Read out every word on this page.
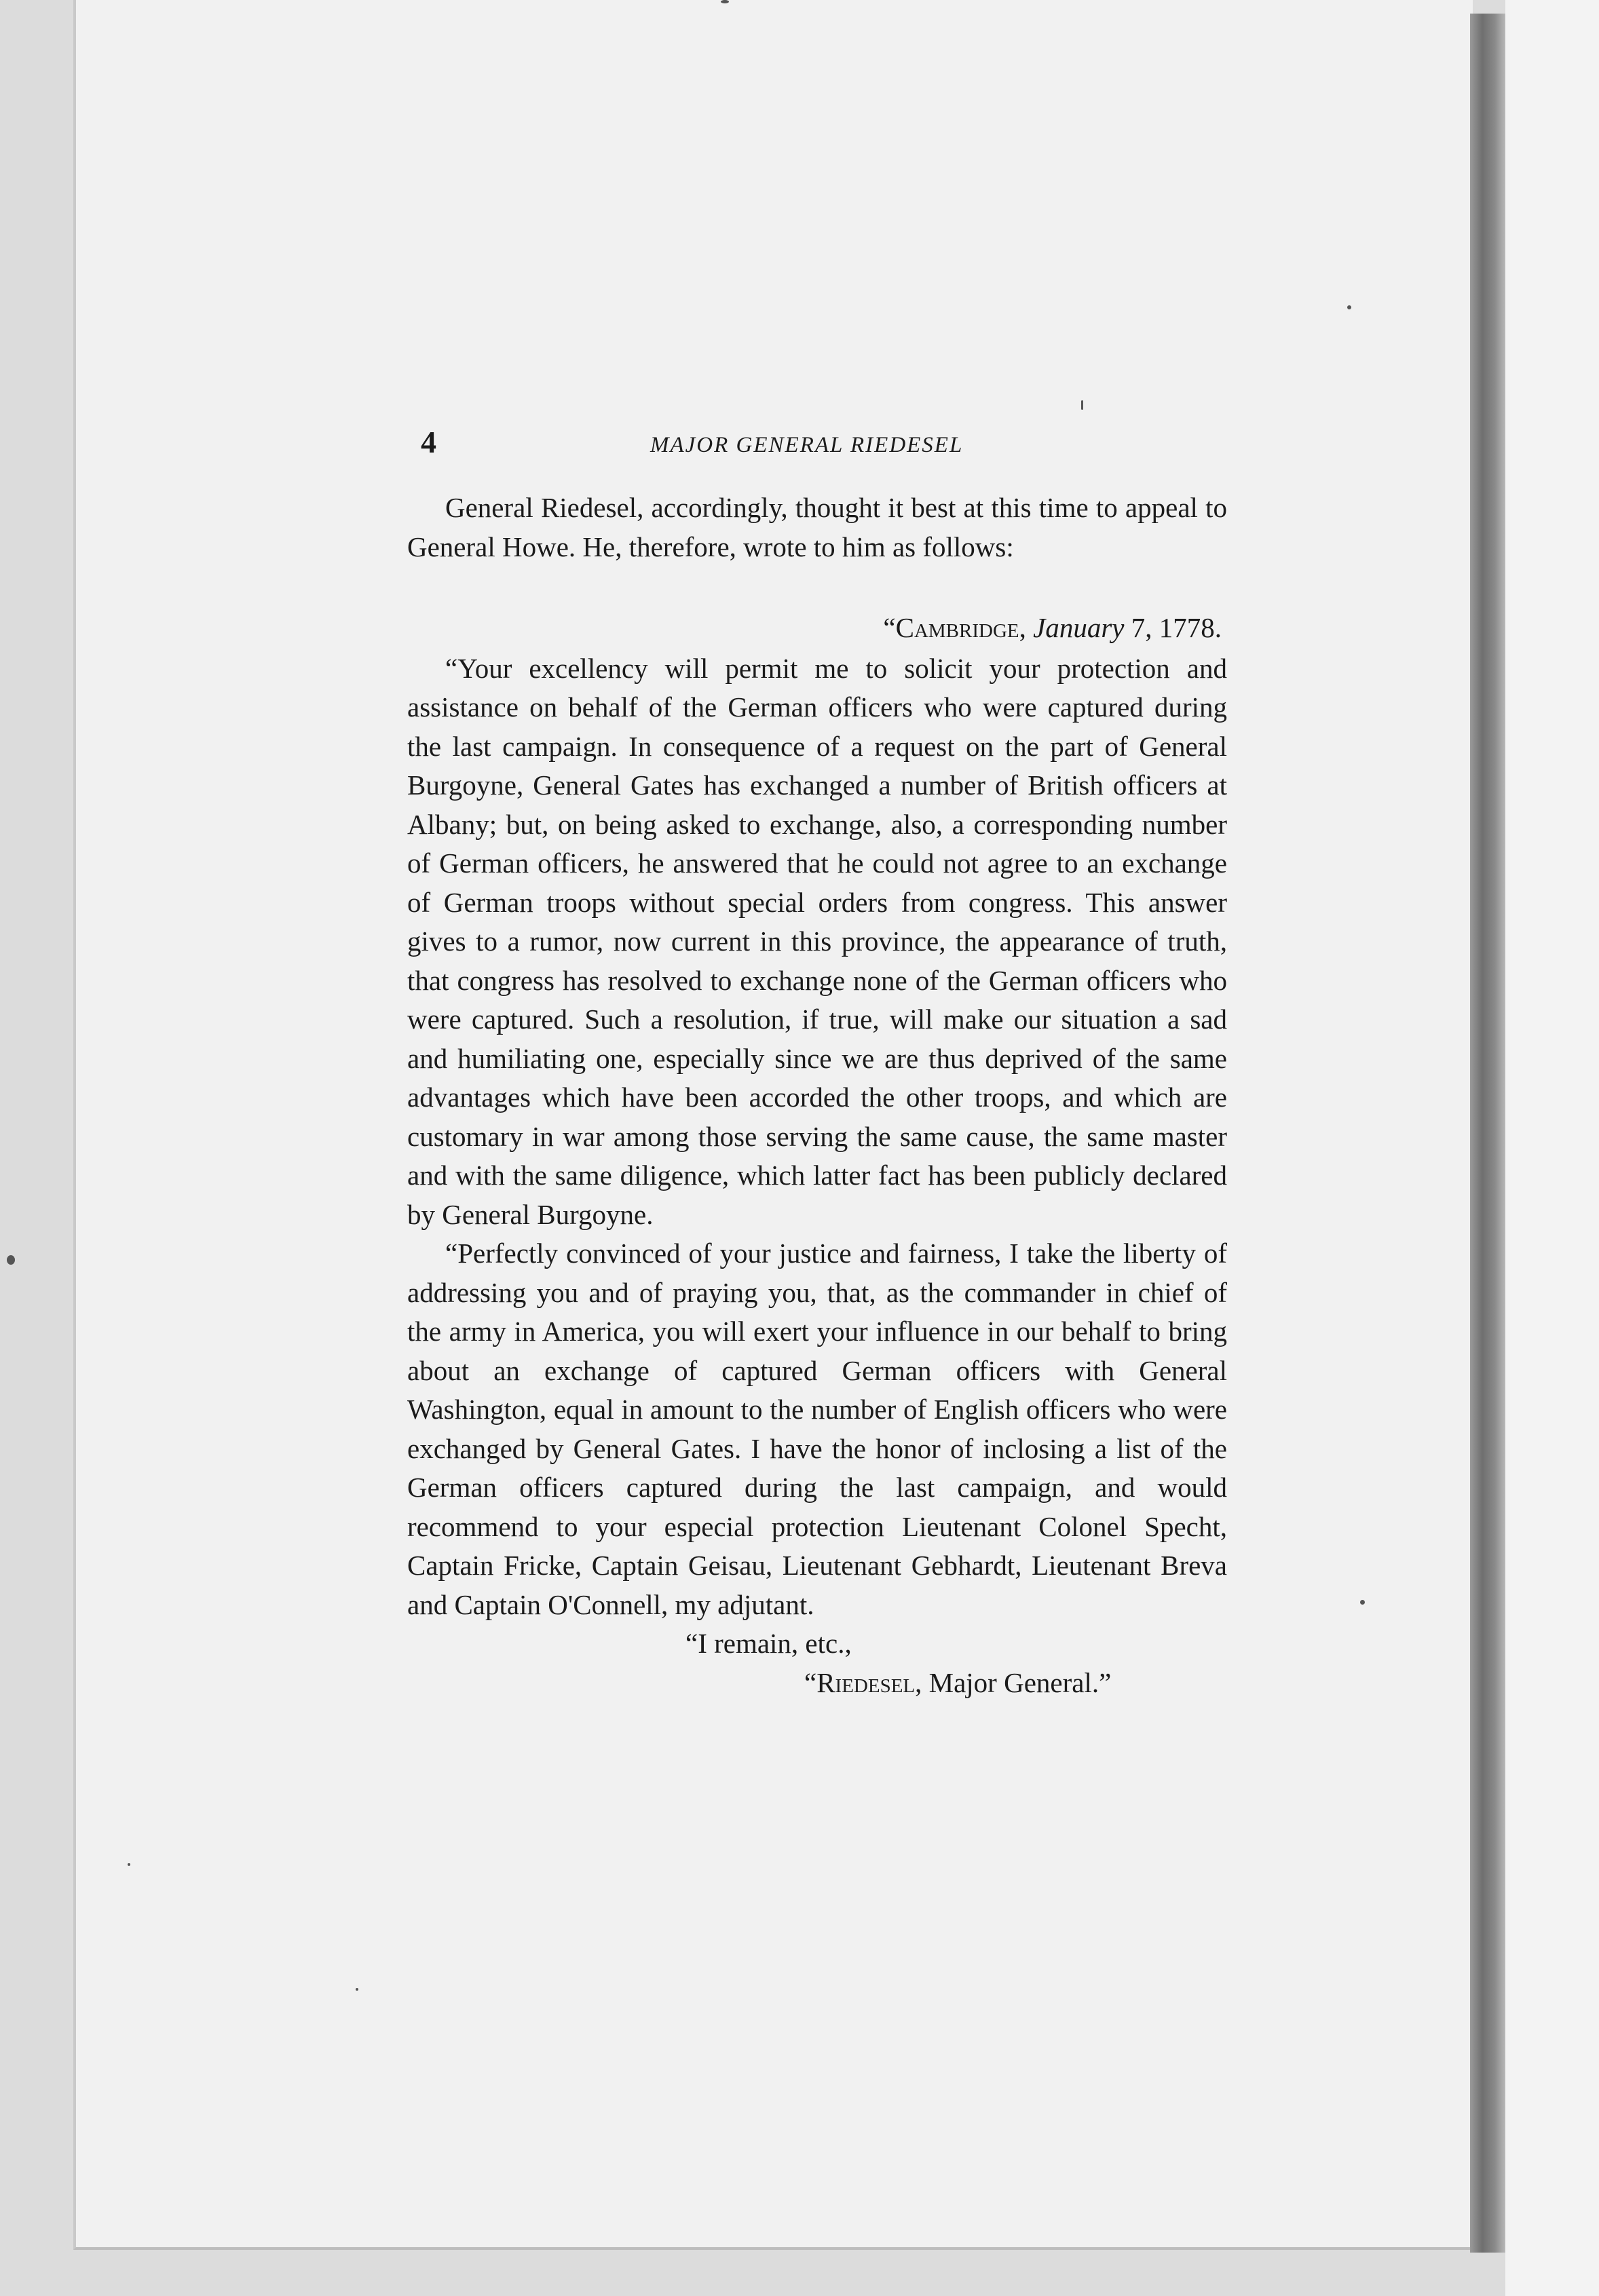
4	MAJOR GENERAL RIEDESEL

General Riedesel, accordingly, thought it best at this time to appeal to General Howe. He, therefore, wrote to him as follows:

“Cambridge, January 7, 1778.

“Your excellency will permit me to solicit your protection and assistance on behalf of the German officers who were captured during the last campaign. In consequence of a request on the part of General Burgoyne, General Gates has exchanged a number of British officers at Albany; but, on being asked to exchange, also, a corresponding number of German officers, he answered that he could not agree to an exchange of German troops without special orders from congress. This answer gives to a rumor, now current in this province, the appearance of truth, that congress has resolved to exchange none of the German officers who were captured. Such a resolution, if true, will make our situation a sad and humiliating one, especially since we are thus deprived of the same advantages which have been accorded the other troops, and which are customary in war among those serving the same cause, the same master and with the same diligence, which latter fact has been publicly declared by General Burgoyne.

“Perfectly convinced of your justice and fairness, I take the liberty of addressing you and of praying you, that, as the commander in chief of the army in America, you will exert your influence in our behalf to bring about an exchange of captured German officers with General Washington, equal in amount to the number of English officers who were exchanged by General Gates. I have the honor of inclosing a list of the German officers captured during the last campaign, and would recommend to your especial protection Lieutenant Colonel Specht, Captain Fricke, Captain Geisau, Lieutenant Gebhardt, Lieutenant Breva and Captain O'Connell, my adjutant.

“I remain, etc.,
“Riedesel, Major General.”
